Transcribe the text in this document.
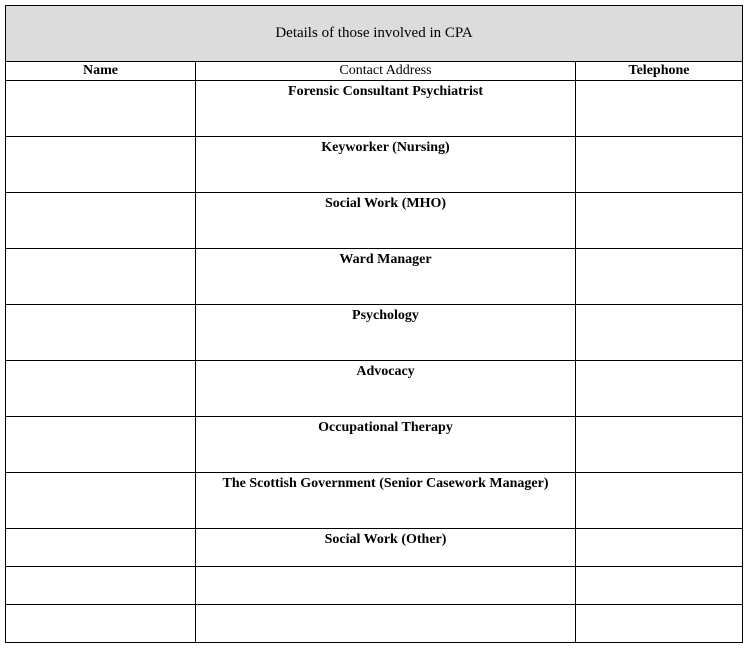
Details of those involved in CPA		
Name	Contact Address	Telephone

	Forensic Consultant Psychiatrist	

	Keyworker (Nursing)	

	Social Work (MHO)	

	Ward Manager	

	Psychology	

	Advocacy	

	Occupational Therapy	

	The Scottish Government (Senior Casework Manager)	

	Social Work (Other)	
